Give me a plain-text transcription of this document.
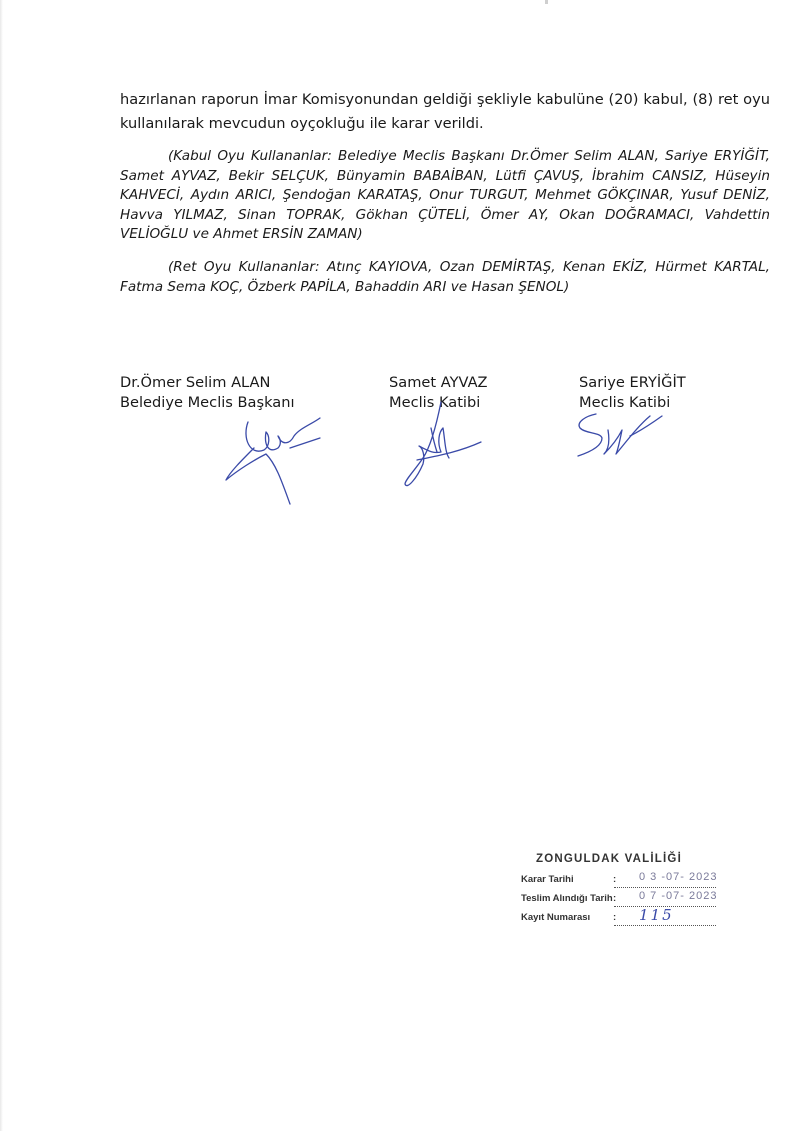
hazırlanan raporun İmar Komisyonundan geldiği şekliyle kabulüne (20) kabul, (8) ret oyu kullanılarak mevcudun oyçokluğu ile karar verildi.

(Kabul Oyu Kullananlar: Belediye Meclis Başkanı Dr.Ömer Selim ALAN, Sariye ERYİĞİT, Samet AYVAZ, Bekir SELÇUK, Bünyamin BABAİBAN, Lütfi ÇAVUŞ, İbrahim CANSIZ, Hüseyin KAHVECİ, Aydın ARICI, Şendoğan KARATAŞ, Onur TURGUT, Mehmet GÖKÇINAR, Yusuf DENİZ, Havva YILMAZ, Sinan TOPRAK, Gökhan ÇÜTELİ, Ömer AY, Okan DOĞRAMACI, Vahdettin VELİOĞLU ve Ahmet ERSİN ZAMAN)

(Ret Oyu Kullananlar: Atınç KAYIOVA, Ozan DEMİRTAŞ, Kenan EKİZ, Hürmet KARTAL, Fatma Sema KOÇ, Özberk PAPİLA, Bahaddin ARI ve Hasan ŞENOL)

Dr.Ömer Selim ALAN
Belediye Meclis Başkanı
Samet AYVAZ
Meclis Katibi
Sariye ERYİĞİT
Meclis Katibi
ZONGULDAK VALİLİĞİ
Karar Tarihi	: 0 3 -07- 2023
Teslim Alındığı Tarih : 0 7 -07- 2023
Kayıt Numarası : 115
